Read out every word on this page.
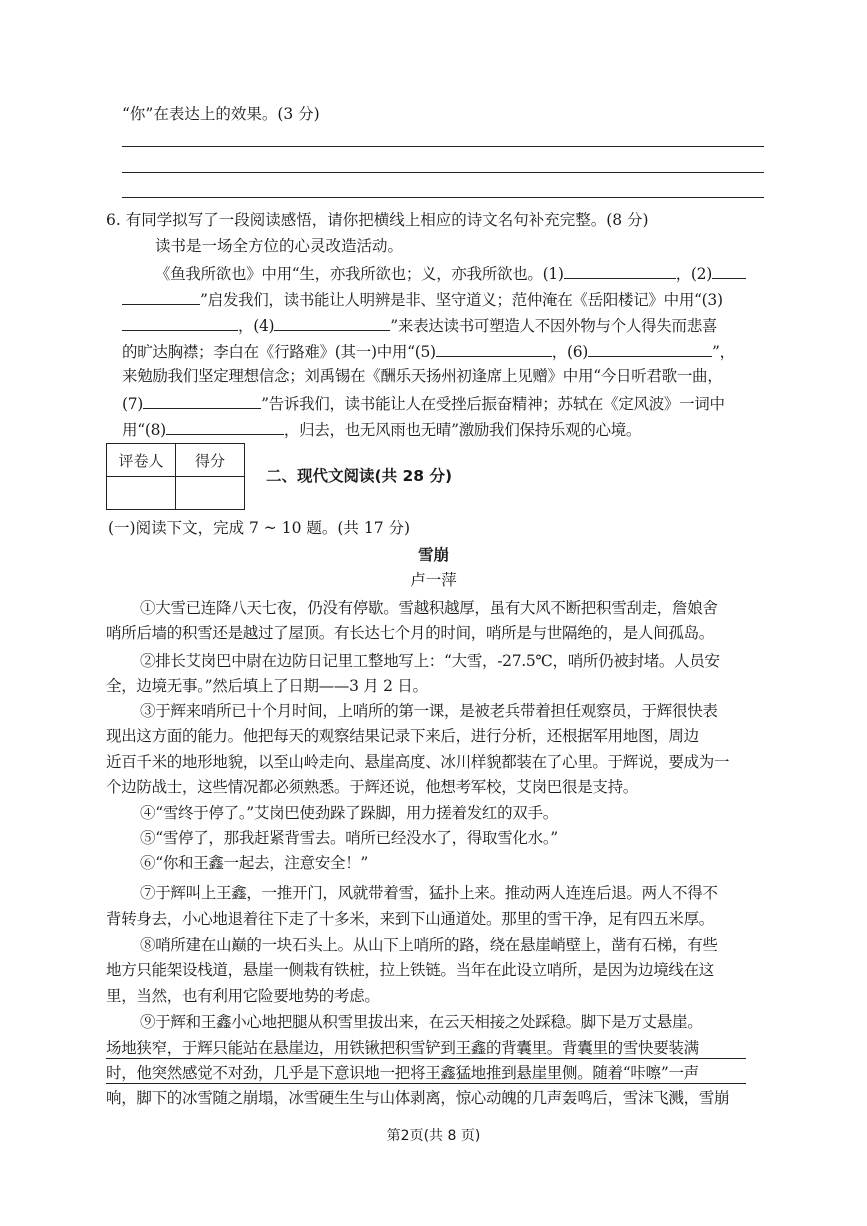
“你”在表达上的效果。(3 分)
6. 有同学拟写了一段阅读感悟，请你把横线上相应的诗文名句补充完整。(8 分)
读书是一场全方位的心灵改造活动。
《鱼我所欲也》中用“生，亦我所欲也；义，亦我所欲也。(1)	，(2)
”启发我们，读书能让人明辨是非、坚守道义；范仲淹在《岳阳楼记》中用“(3)
，(4)	”来表达读书可塑造人不因外物与个人得失而悲喜
的旷达胸襟；李白在《行路难》(其一)中用“(5)	，(6)	”，
来勉励我们坚定理想信念；刘禹锡在《酬乐天扬州初逢席上见赠》中用“今日听君歌一曲，
(7)	”告诉我们，读书能让人在受挫后振奋精神；苏轼在《定风波》一词中
用“(8)	，归去，也无风雨也无晴”激励我们保持乐观的心境。
评卷人	得分

二、现代文阅读(共 28 分)
(一)阅读下文，完成 7 ~ 10 题。(共 17 分)
雪崩
卢一萍
①大雪已连降八天七夜，仍没有停歇。雪越积越厚，虽有大风不断把积雪刮走，詹娘舍
哨所后墙的积雪还是越过了屋顶。有长达七个月的时间，哨所是与世隔绝的，是人间孤岛。
②排长艾岗巴中尉在边防日记里工整地写上：“大雪，-27.5℃，哨所仍被封堵。人员安
全，边境无事。”然后填上了日期——3 月 2 日。
③于辉来哨所已十个月时间，上哨所的第一课，是被老兵带着担任观察员，于辉很快表
现出这方面的能力。他把每天的观察结果记录下来后，进行分析，还根据军用地图，周边
近百千米的地形地貌，以至山岭走向、悬崖高度、冰川样貌都装在了心里。于辉说，要成为一
个边防战士，这些情况都必须熟悉。于辉还说，他想考军校，艾岗巴很是支持。
④“雪终于停了。”艾岗巴使劲跺了跺脚，用力搓着发红的双手。
⑤“雪停了，那我赶紧背雪去。哨所已经没水了，得取雪化水。”
⑥“你和王鑫一起去，注意安全！”
⑦于辉叫上王鑫，一推开门，风就带着雪，猛扑上来。推动两人连连后退。两人不得不
背转身去，小心地退着往下走了十多米，来到下山通道处。那里的雪干净，足有四五米厚。
⑧哨所建在山巅的一块石头上。从山下上哨所的路，绕在悬崖峭壁上，凿有石梯，有些
地方只能架设栈道，悬崖一侧栽有铁桩，拉上铁链。当年在此设立哨所，是因为边境线在这
里，当然，也有利用它险要地势的考虑。
⑨于辉和王鑫小心地把腿从积雪里拔出来，在云天相接之处踩稳。脚下是万丈悬崖。
场地狭窄，于辉只能站在悬崖边，用铁锹把积雪铲到王鑫的背囊里。背囊里的雪快要装满
时，他突然感觉不对劲，几乎是下意识地一把将王鑫猛地推到悬崖里侧。随着“咔嚓”一声
响，脚下的冰雪随之崩塌，冰雪硬生生与山体剥离，惊心动魄的几声轰鸣后，雪沫飞溅，雪崩
第2页(共 8 页)
